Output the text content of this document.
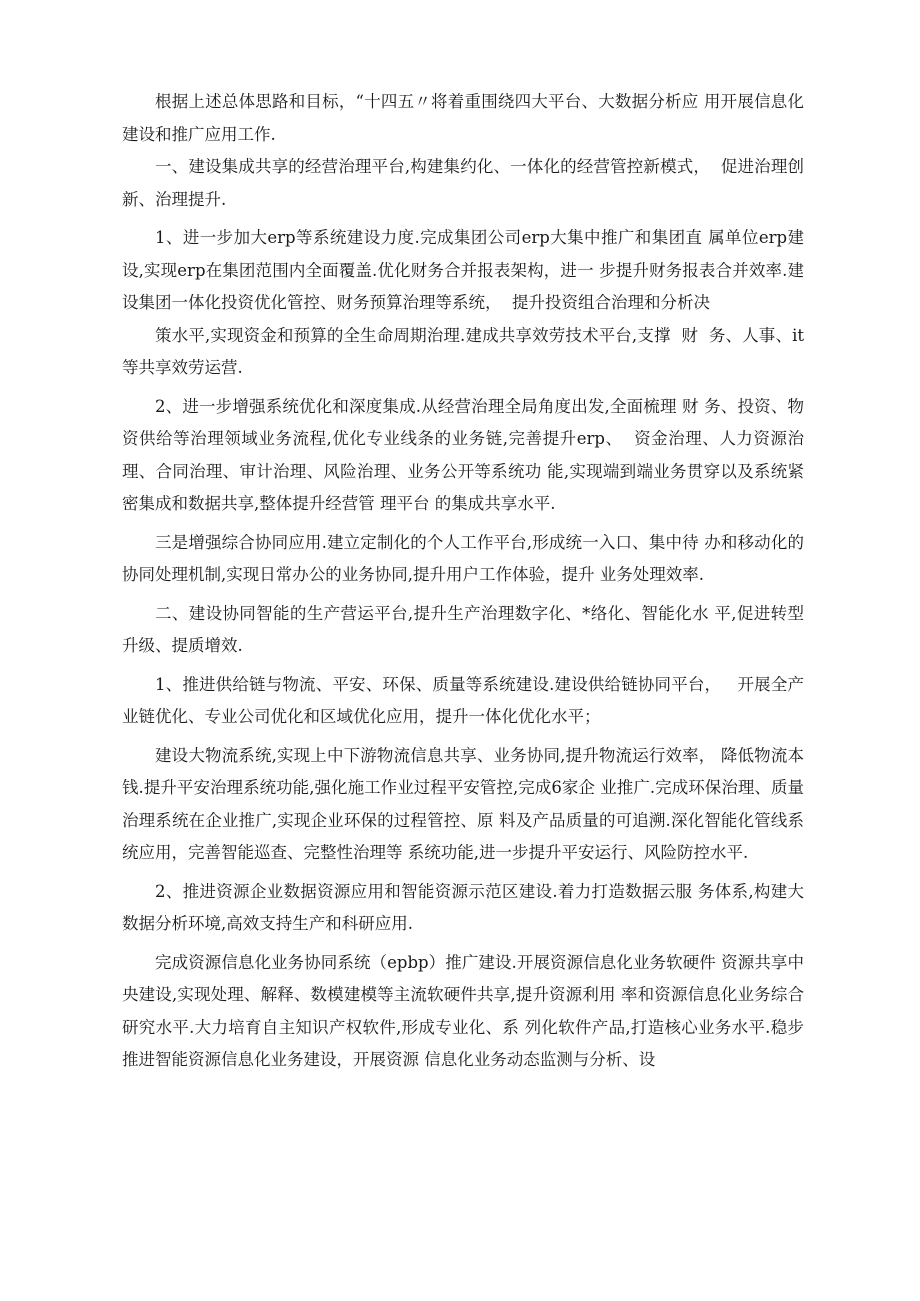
根据上述总体思路和目标，“十四五〃将着重围绕四大平台、大数据分析应 用开展信息化建设和推广应用工作.

一、建设集成共享的经营治理平台,构建集约化、一体化的经营管控新模式，  促进治理创新、治理提升.

1、进一步加大erp等系统建设力度.完成集团公司erp大集中推广和集团直 属单位erp建设,实现erp在集团范围内全面覆盖.优化财务合并报表架构，进一 步提升财务报表合并效率.建设集团一体化投资优化管控、财务预算治理等系统，  提升投资组合治理和分析决

策水平,实现资金和预算的全生命周期治理.建成共享效劳技术平台,支撑  财  务、人事、it等共享效劳运营.

2、进一步增强系统优化和深度集成.从经营治理全局角度出发,全面梳理 财 务、投资、物资供给等治理领域业务流程,优化专业线条的业务链,完善提升erp、  资金治理、人力资源治理、合同治理、审计治理、风险治理、业务公开等系统功 能,实现端到端业务贯穿以及系统紧密集成和数据共享,整体提升经营管 理平台 的集成共享水平.

三是增强综合协同应用.建立定制化的个人工作平台,形成统一入口、集中待 办和移动化的协同处理机制,实现日常办公的业务协同,提升用户工作体验，提升 业务处理效率.

二、建设协同智能的生产营运平台,提升生产治理数字化、*络化、智能化水 平,促进转型升级、提质增效.

1、推进供给链与物流、平安、环保、质量等系统建设.建设供给链协同平台，   开展全产业链优化、专业公司优化和区域优化应用，提升一体化优化水平；

建设大物流系统,实现上中下游物流信息共享、业务协同,提升物流运行效率， 降低物流本钱.提升平安治理系统功能,强化施工作业过程平安管控,完成6家企 业推广.完成环保治理、质量治理系统在企业推广,实现企业环保的过程管控、原 料及产品质量的可追溯.深化智能化管线系统应用，完善智能巡查、完整性治理等 系统功能,进一步提升平安运行、风险防控水平.

2、推进资源企业数据资源应用和智能资源示范区建设.着力打造数据云服 务体系,构建大数据分析环境,高效支持生产和科研应用.

完成资源信息化业务协同系统（epbp）推广建设.开展资源信息化业务软硬件 资源共享中央建设,实现处理、解释、数模建模等主流软硬件共享,提升资源利用 率和资源信息化业务综合研究水平.大力培育自主知识产权软件,形成专业化、系 列化软件产品,打造核心业务水平.稳步推进智能资源信息化业务建设，开展资源 信息化业务动态监测与分析、设
